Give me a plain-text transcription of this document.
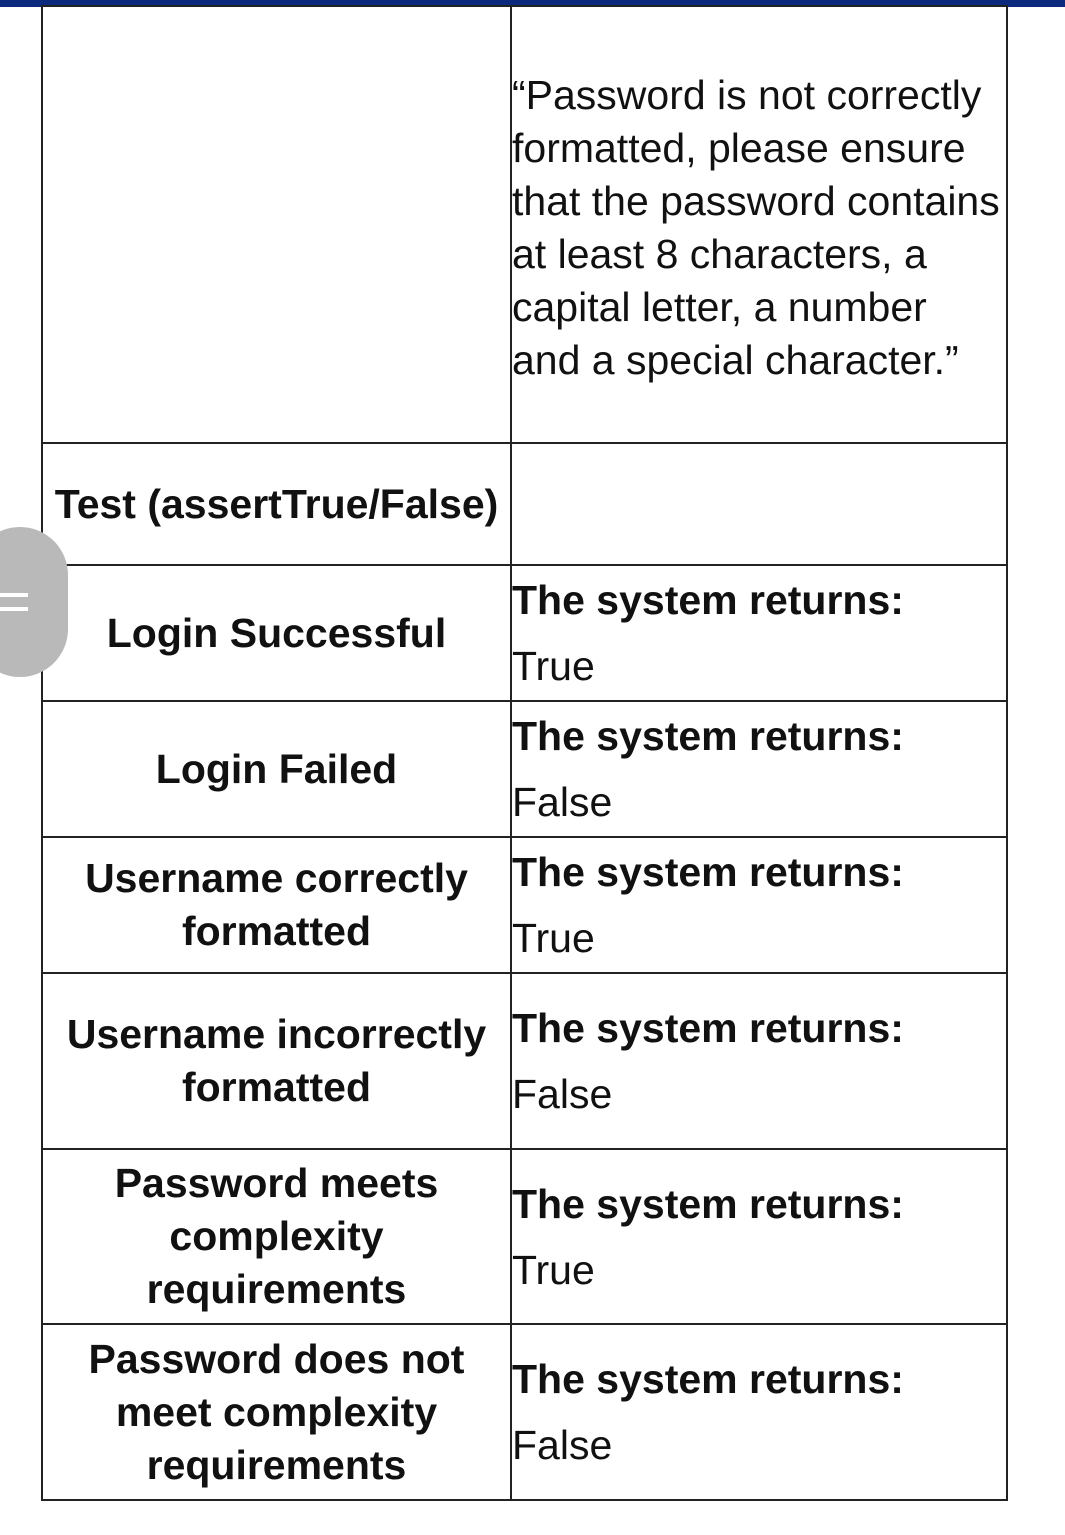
	“Password is not correctly formatted, please ensure that the password contains at least 8 characters, a capital letter, a number and a special character.”

Test (assertTrue/False)	
Login Successful	The system returns:
True

Login Failed	The system returns:
False

Username correctly formatted	The system returns:
True

Username incorrectly formatted	The system returns:
False

Password meets complexity requirements	The system returns:
True

Password does not meet complexity requirements	The system returns:
False
